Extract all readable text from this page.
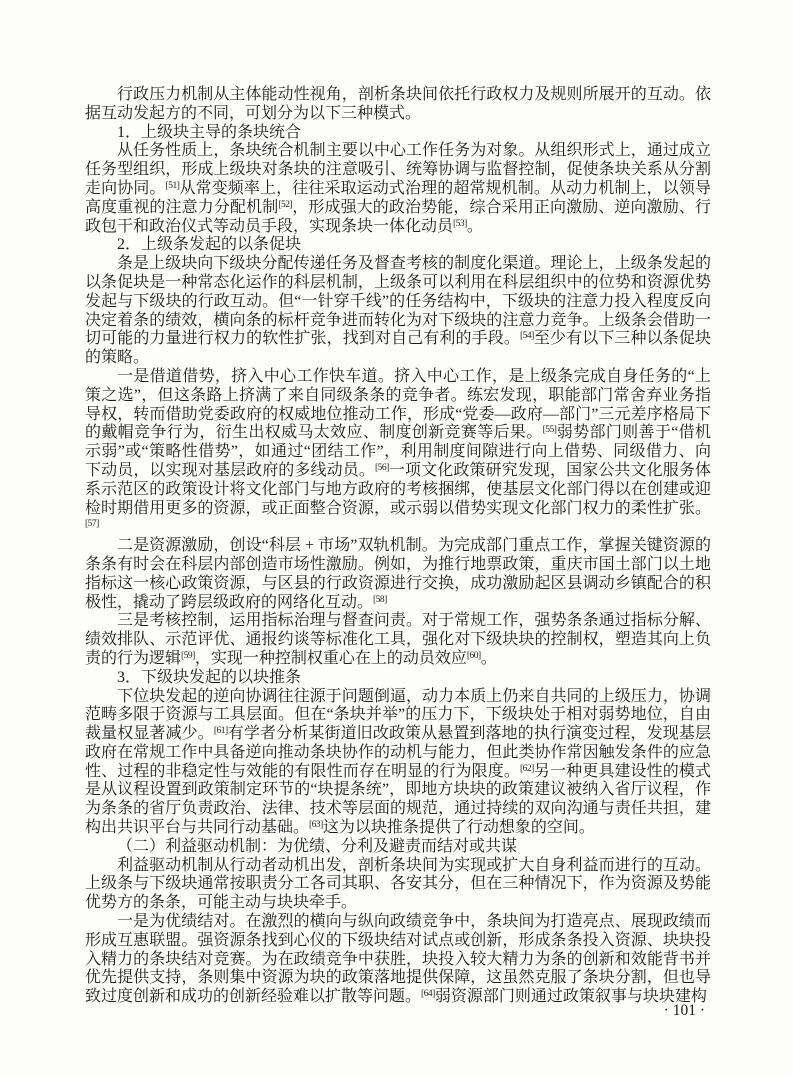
行政压力机制从主体能动性视角，剖析条块间依托行政权力及规则所展开的互动。依据互动发起方的不同，可划分为以下三种模式。

1．上级块主导的条块统合

从任务性质上，条块统合机制主要以中心工作任务为对象。从组织形式上，通过成立任务型组织，形成上级块对条块的注意吸引、统筹协调与监督控制，促使条块关系从分割走向协同。[51]从常变频率上，往往采取运动式治理的超常规机制。从动力机制上，以领导高度重视的注意力分配机制[52]，形成强大的政治势能，综合采用正向激励、逆向激励、行政包干和政治仪式等动员手段，实现条块一体化动员[53]。

2．上级条发起的以条促块

条是上级块向下级块分配传递任务及督查考核的制度化渠道。理论上，上级条发起的以条促块是一种常态化运作的科层机制，上级条可以利用在科层组织中的位势和资源优势发起与下级块的行政互动。但“一针穿千线”的任务结构中，下级块的注意力投入程度反向决定着条的绩效，横向条的标杆竞争进而转化为对下级块的注意力竞争。上级条会借助一切可能的力量进行权力的软性扩张，找到对自己有利的手段。[54]至少有以下三种以条促块的策略。

一是借道借势，挤入中心工作快车道。挤入中心工作，是上级条完成自身任务的“上策之选”，但这条路上挤满了来自同级条条的竞争者。练宏发现，职能部门常舍弃业务指导权，转而借助党委政府的权威地位推动工作，形成“党委—政府—部门”三元差序格局下的戴帽竞争行为，衍生出权威马太效应、制度创新竞赛等后果。[55]弱势部门则善于“借机示弱”或“策略性借势”，如通过“团结工作”，利用制度间隙进行向上借势、同级借力、向下动员，以实现对基层政府的多线动员。[56]一项文化政策研究发现，国家公共文化服务体系示范区的政策设计将文化部门与地方政府的考核捆绑，使基层文化部门得以在创建或迎检时期借用更多的资源，或正面整合资源，或示弱以借势实现文化部门权力的柔性扩张。[57]

二是资源激励，创设“科层 + 市场”双轨机制。为完成部门重点工作，掌握关键资源的条条有时会在科层内部创造市场性激励。例如，为推行地票政策，重庆市国土部门以土地指标这一核心政策资源，与区县的行政资源进行交换，成功激励起区县调动乡镇配合的积极性，撬动了跨层级政府的网络化互动。[58]

三是考核控制，运用指标治理与督查问责。对于常规工作，强势条条通过指标分解、绩效排队、示范评优、通报约谈等标准化工具，强化对下级块块的控制权，塑造其向上负责的行为逻辑[59]，实现一种控制权重心在上的动员效应[60]。

3．下级块发起的以块推条

下位块发起的逆向协调往往源于问题倒逼，动力本质上仍来自共同的上级压力，协调范畴多限于资源与工具层面。但在“条块并举”的压力下，下级块处于相对弱势地位，自由裁量权显著减少。[61]有学者分析某街道旧改政策从悬置到落地的执行演变过程，发现基层政府在常规工作中具备逆向推动条块协作的动机与能力，但此类协作常因触发条件的应急性、过程的非稳定性与效能的有限性而存在明显的行为限度。[62]另一种更具建设性的模式是从议程设置到政策制定环节的“块提条统”，即地方块块的政策建议被纳入省厅议程，作为条条的省厅负责政治、法律、技术等层面的规范，通过持续的双向沟通与责任共担，建构出共识平台与共同行动基础。[63]这为以块推条提供了行动想象的空间。

（二）利益驱动机制：为优绩、分利及避责而结对或共谋

利益驱动机制从行动者动机出发，剖析条块间为实现或扩大自身利益而进行的互动。上级条与下级块通常按职责分工各司其职、各安其分，但在三种情况下，作为资源及势能优势方的条条，可能主动与块块牵手。

一是为优绩结对。在激烈的横向与纵向政绩竞争中，条块间为打造亮点、展现政绩而形成互惠联盟。强资源条找到心仪的下级块结对试点或创新，形成条条投入资源、块块投入精力的条块结对竞赛。为在政绩竞争中获胜，块投入较大精力为条的创新和效能背书并优先提供支持，条则集中资源为块的政策落地提供保障，这虽然克服了条块分割，但也导致过度创新和成功的创新经验难以扩散等问题。[64]弱资源部门则通过政策叙事与块块建构

· 101 ·
